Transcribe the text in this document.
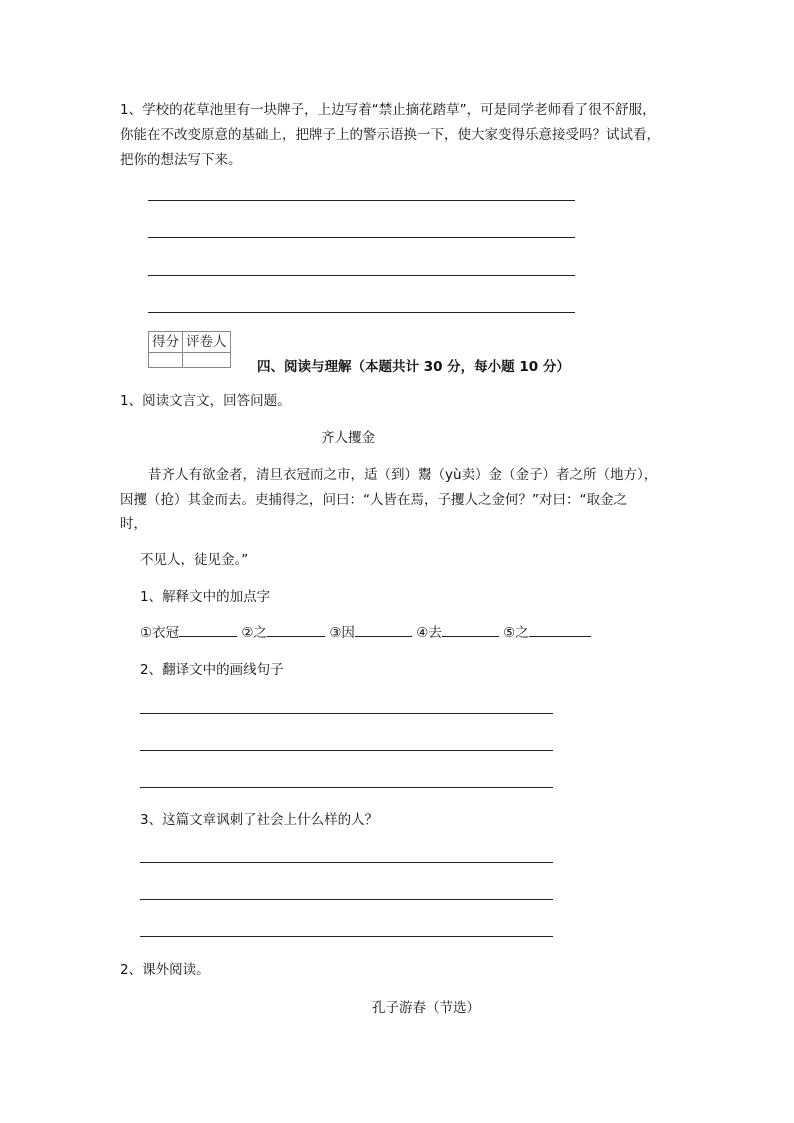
1、学校的花草池里有一块牌子，上边写着“禁止摘花踏草”，可是同学老师看了很不舒服，
你能在不改变原意的基础上，把牌子上的警示语换一下，使大家变得乐意接受吗？试试看，
把你的想法写下来。
得分	评卷人

四、阅读与理解（本题共计 30 分，每小题 10 分）
1、阅读文言文，回答问题。
齐人攫金
昔齐人有欲金者，清旦衣冠而之市，适（到）鬻（yù卖）金（金子）者之所（地方），
因攫（抢）其金而去。吏捕得之，问曰：“人皆在焉，子攫人之金何？”对曰：“取金之
时，
不见人，徒见金。”
1、解释文中的加点字
①衣冠	②之	③因	④去	⑤之
2、翻译文中的画线句子
3、这篇文章讽刺了社会上什么样的人？
2、课外阅读。
孔子游春（节选）
